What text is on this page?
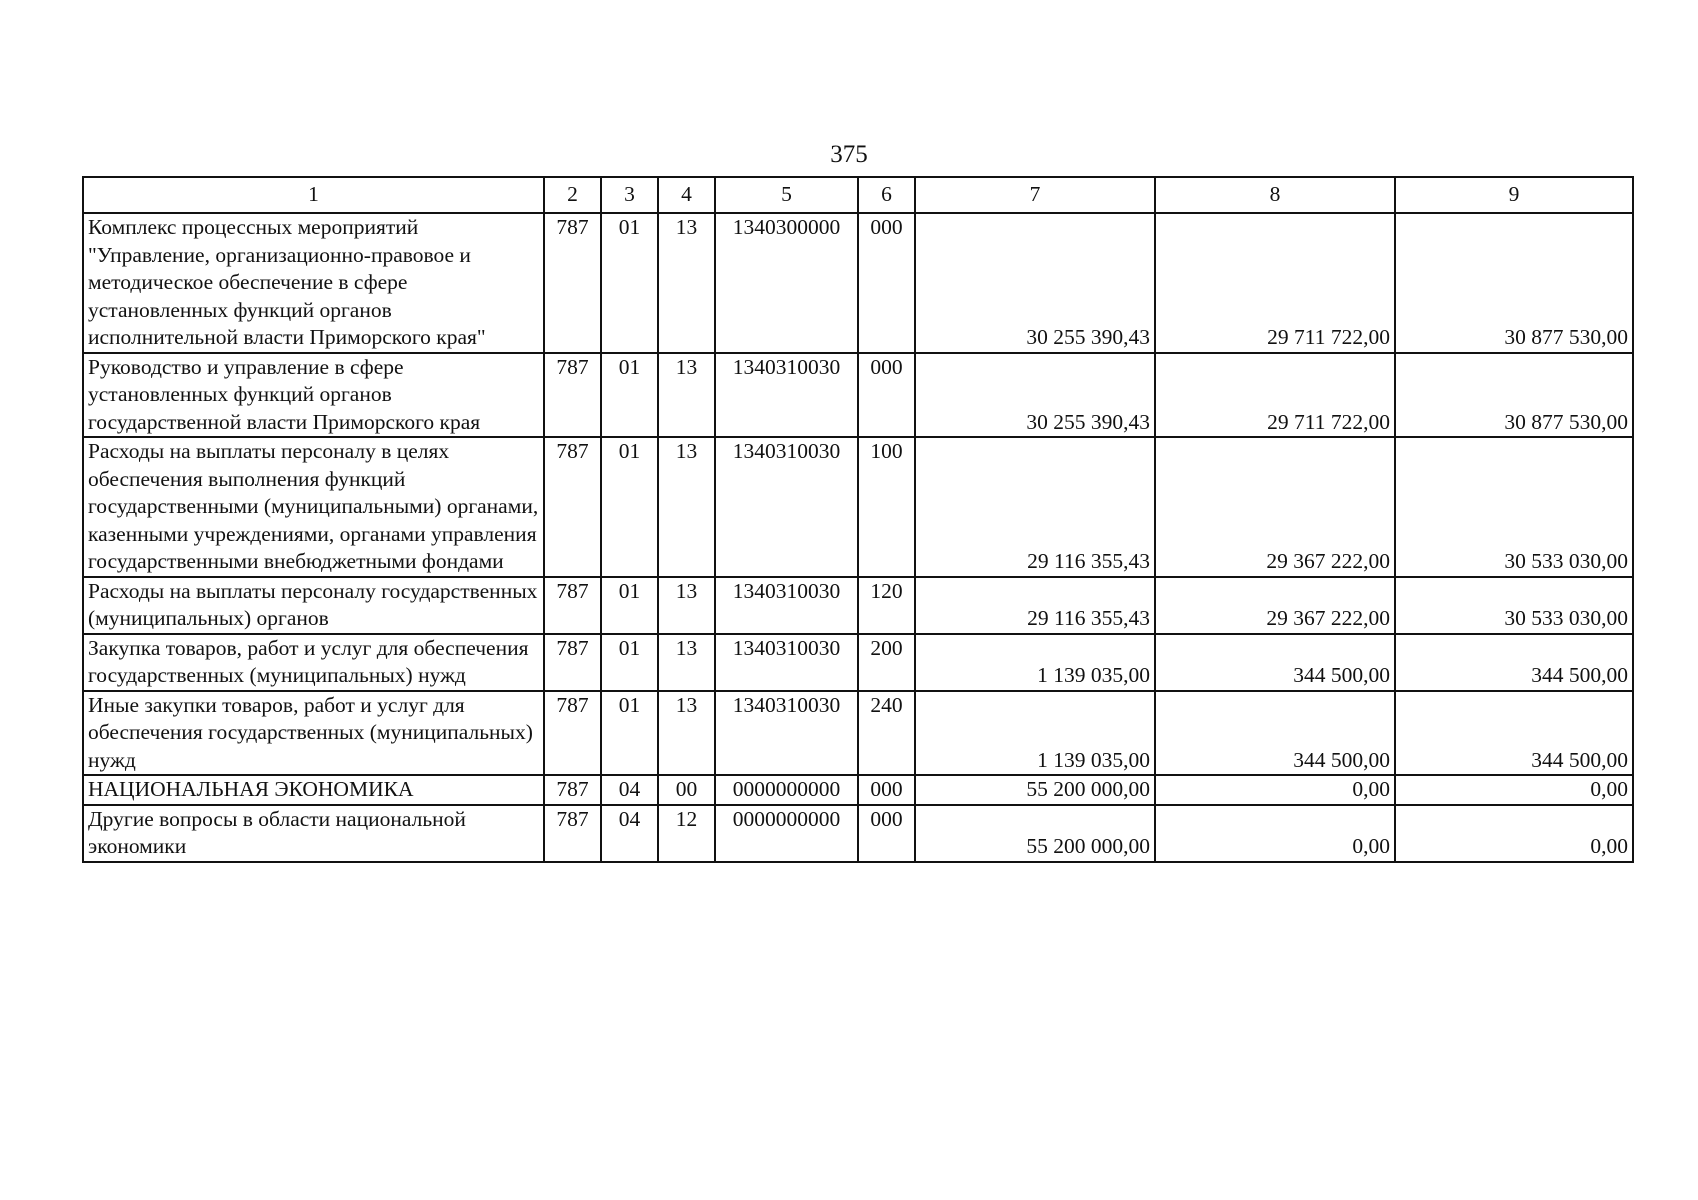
375
1	2	3	4	5	6	7	8	9
Комплекс процессных мероприятий "Управление, организационно-правовое и методическое обеспечение в сфере установленных функций органов исполнительной власти Приморского края"	787	01	13	1340300000	000	30 255 390,43	29 711 722,00	30 877 530,00
Руководство и управление в сфере установленных функций органов государственной власти Приморского края	787	01	13	1340310030	000	30 255 390,43	29 711 722,00	30 877 530,00
Расходы на выплаты персоналу в целях обеспечения выполнения функций государственными (муниципальными) органами, казенными учреждениями, органами управления государственными внебюджетными фондами	787	01	13	1340310030	100	29 116 355,43	29 367 222,00	30 533 030,00
Расходы на выплаты персоналу государственных (муниципальных) органов	787	01	13	1340310030	120	29 116 355,43	29 367 222,00	30 533 030,00
Закупка товаров, работ и услуг для обеспечения государственных (муниципальных) нужд	787	01	13	1340310030	200	1 139 035,00	344 500,00	344 500,00
Иные закупки товаров, работ и услуг для обеспечения государственных (муниципальных) нужд	787	01	13	1340310030	240	1 139 035,00	344 500,00	344 500,00
НАЦИОНАЛЬНАЯ ЭКОНОМИКА	787	04	00	0000000000	000	55 200 000,00	0,00	0,00
Другие вопросы в области национальной экономики	787	04	12	0000000000	000	55 200 000,00	0,00	0,00
